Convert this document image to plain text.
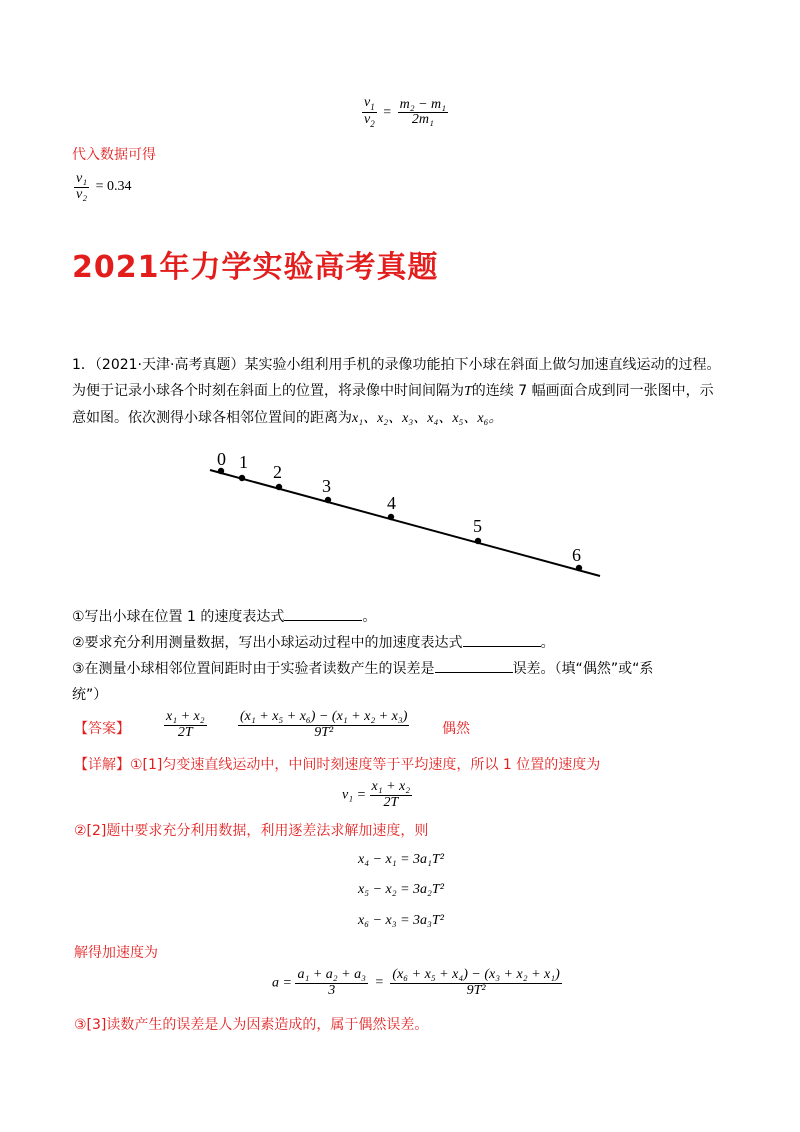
$\frac{v_1}{v_2} = \frac{\text{m₂ − m₁}}{\text{2m₁}}$
代入数据可得
$\frac{\text{v₁}}{\text{v₂}} = 0.34$
2021年力学实验高考真题
1．（2021·天津·高考真题）某实验小组利用手机的录像功能拍下小球在斜面上做匀加速直线运动的过程。
为便于记录小球各个时刻在斜面上的位置，将录像中时间间隔为T的连续 7 幅画面合成到同一张图中，示
意如图。依次测得小球各相邻位置间的距离为x₁、x₂、x₃、x₄、x₅、x₆。
0 1 2
3
4
5
6
①写出小球在位置 1 的速度表达式	。
②要求充分利用测量数据，写出小球运动过程中的加速度表达式	。
③在测量小球相邻位置间距时由于实验者读数产生的误差是	误差。（填“偶然”或“系
统”）
【答案】 $\frac{\text{x₁ + x₂}}{2T} \frac{\text{(x₁ + x₅ + x₆) − (x₁ + x₂ + x₃)}}{\text{9T²}}$ 偶然
【详解】①[1]匀变速直线运动中，中间时刻速度等于平均速度，所以 1 位置的速度为
$v_1 = \frac{\text{x₁ + x₂}}{2T}$
②[2]题中要求充分利用数据，利用逐差法求解加速度，则
x₄ − x₁ = 3a₁T²
x₅ − x₂ = 3a₂T²
x₆ − x₃ = 3a₃T²
解得加速度为
$a = \frac{\text{a₁ + a₂ + a₃}}{3} = \frac{\text{(x₆ + x₅ + x₄) − (x₃ + x₂ + x₁)}}{\text{9T²}}$
③[3]读数产生的误差是人为因素造成的，属于偶然误差。
